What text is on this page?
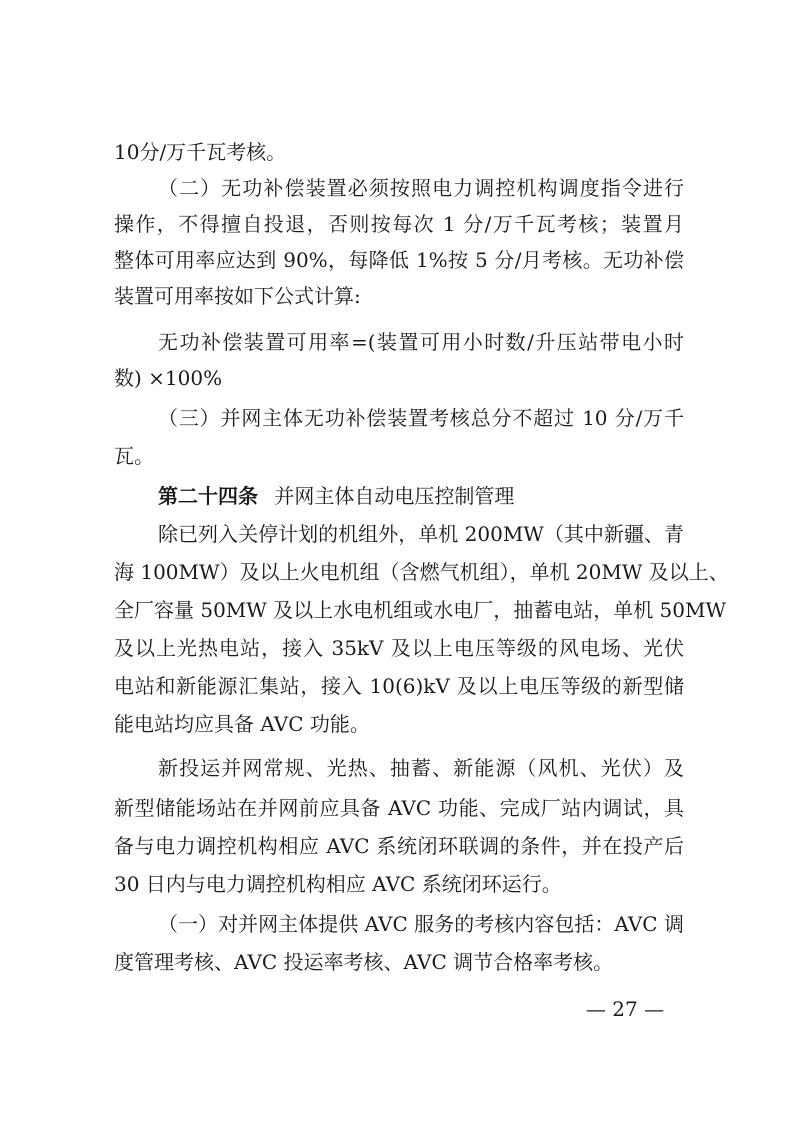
10分/万千瓦考核。
（二）无功补偿装置必须按照电力调控机构调度指令进行
操作，不得擅自投退，否则按每次 1 分/万千瓦考核；装置月
整体可用率应达到 90%，每降低 1%按 5 分/月考核。无功补偿
装置可用率按如下公式计算:
无功补偿装置可用率=(装置可用小时数/升压站带电小时
数) ×100%
（三）并网主体无功补偿装置考核总分不超过 10 分/万千
瓦。
第二十四条 并网主体自动电压控制管理
除已列入关停计划的机组外，单机 200MW（其中新疆、青
海 100MW）及以上火电机组（含燃气机组），单机 20MW 及以上、
全厂容量 50MW 及以上水电机组或水电厂，抽蓄电站，单机 50MW
及以上光热电站，接入 35kV 及以上电压等级的风电场、光伏
电站和新能源汇集站，接入 10(6)kV 及以上电压等级的新型储
能电站均应具备 AVC 功能。
新投运并网常规、光热、抽蓄、新能源（风机、光伏）及
新型储能场站在并网前应具备 AVC 功能、完成厂站内调试，具
备与电力调控机构相应 AVC 系统闭环联调的条件，并在投产后
30 日内与电力调控机构相应 AVC 系统闭环运行。
（一）对并网主体提供 AVC 服务的考核内容包括：AVC 调
度管理考核、AVC 投运率考核、AVC 调节合格率考核。
— 27 —
